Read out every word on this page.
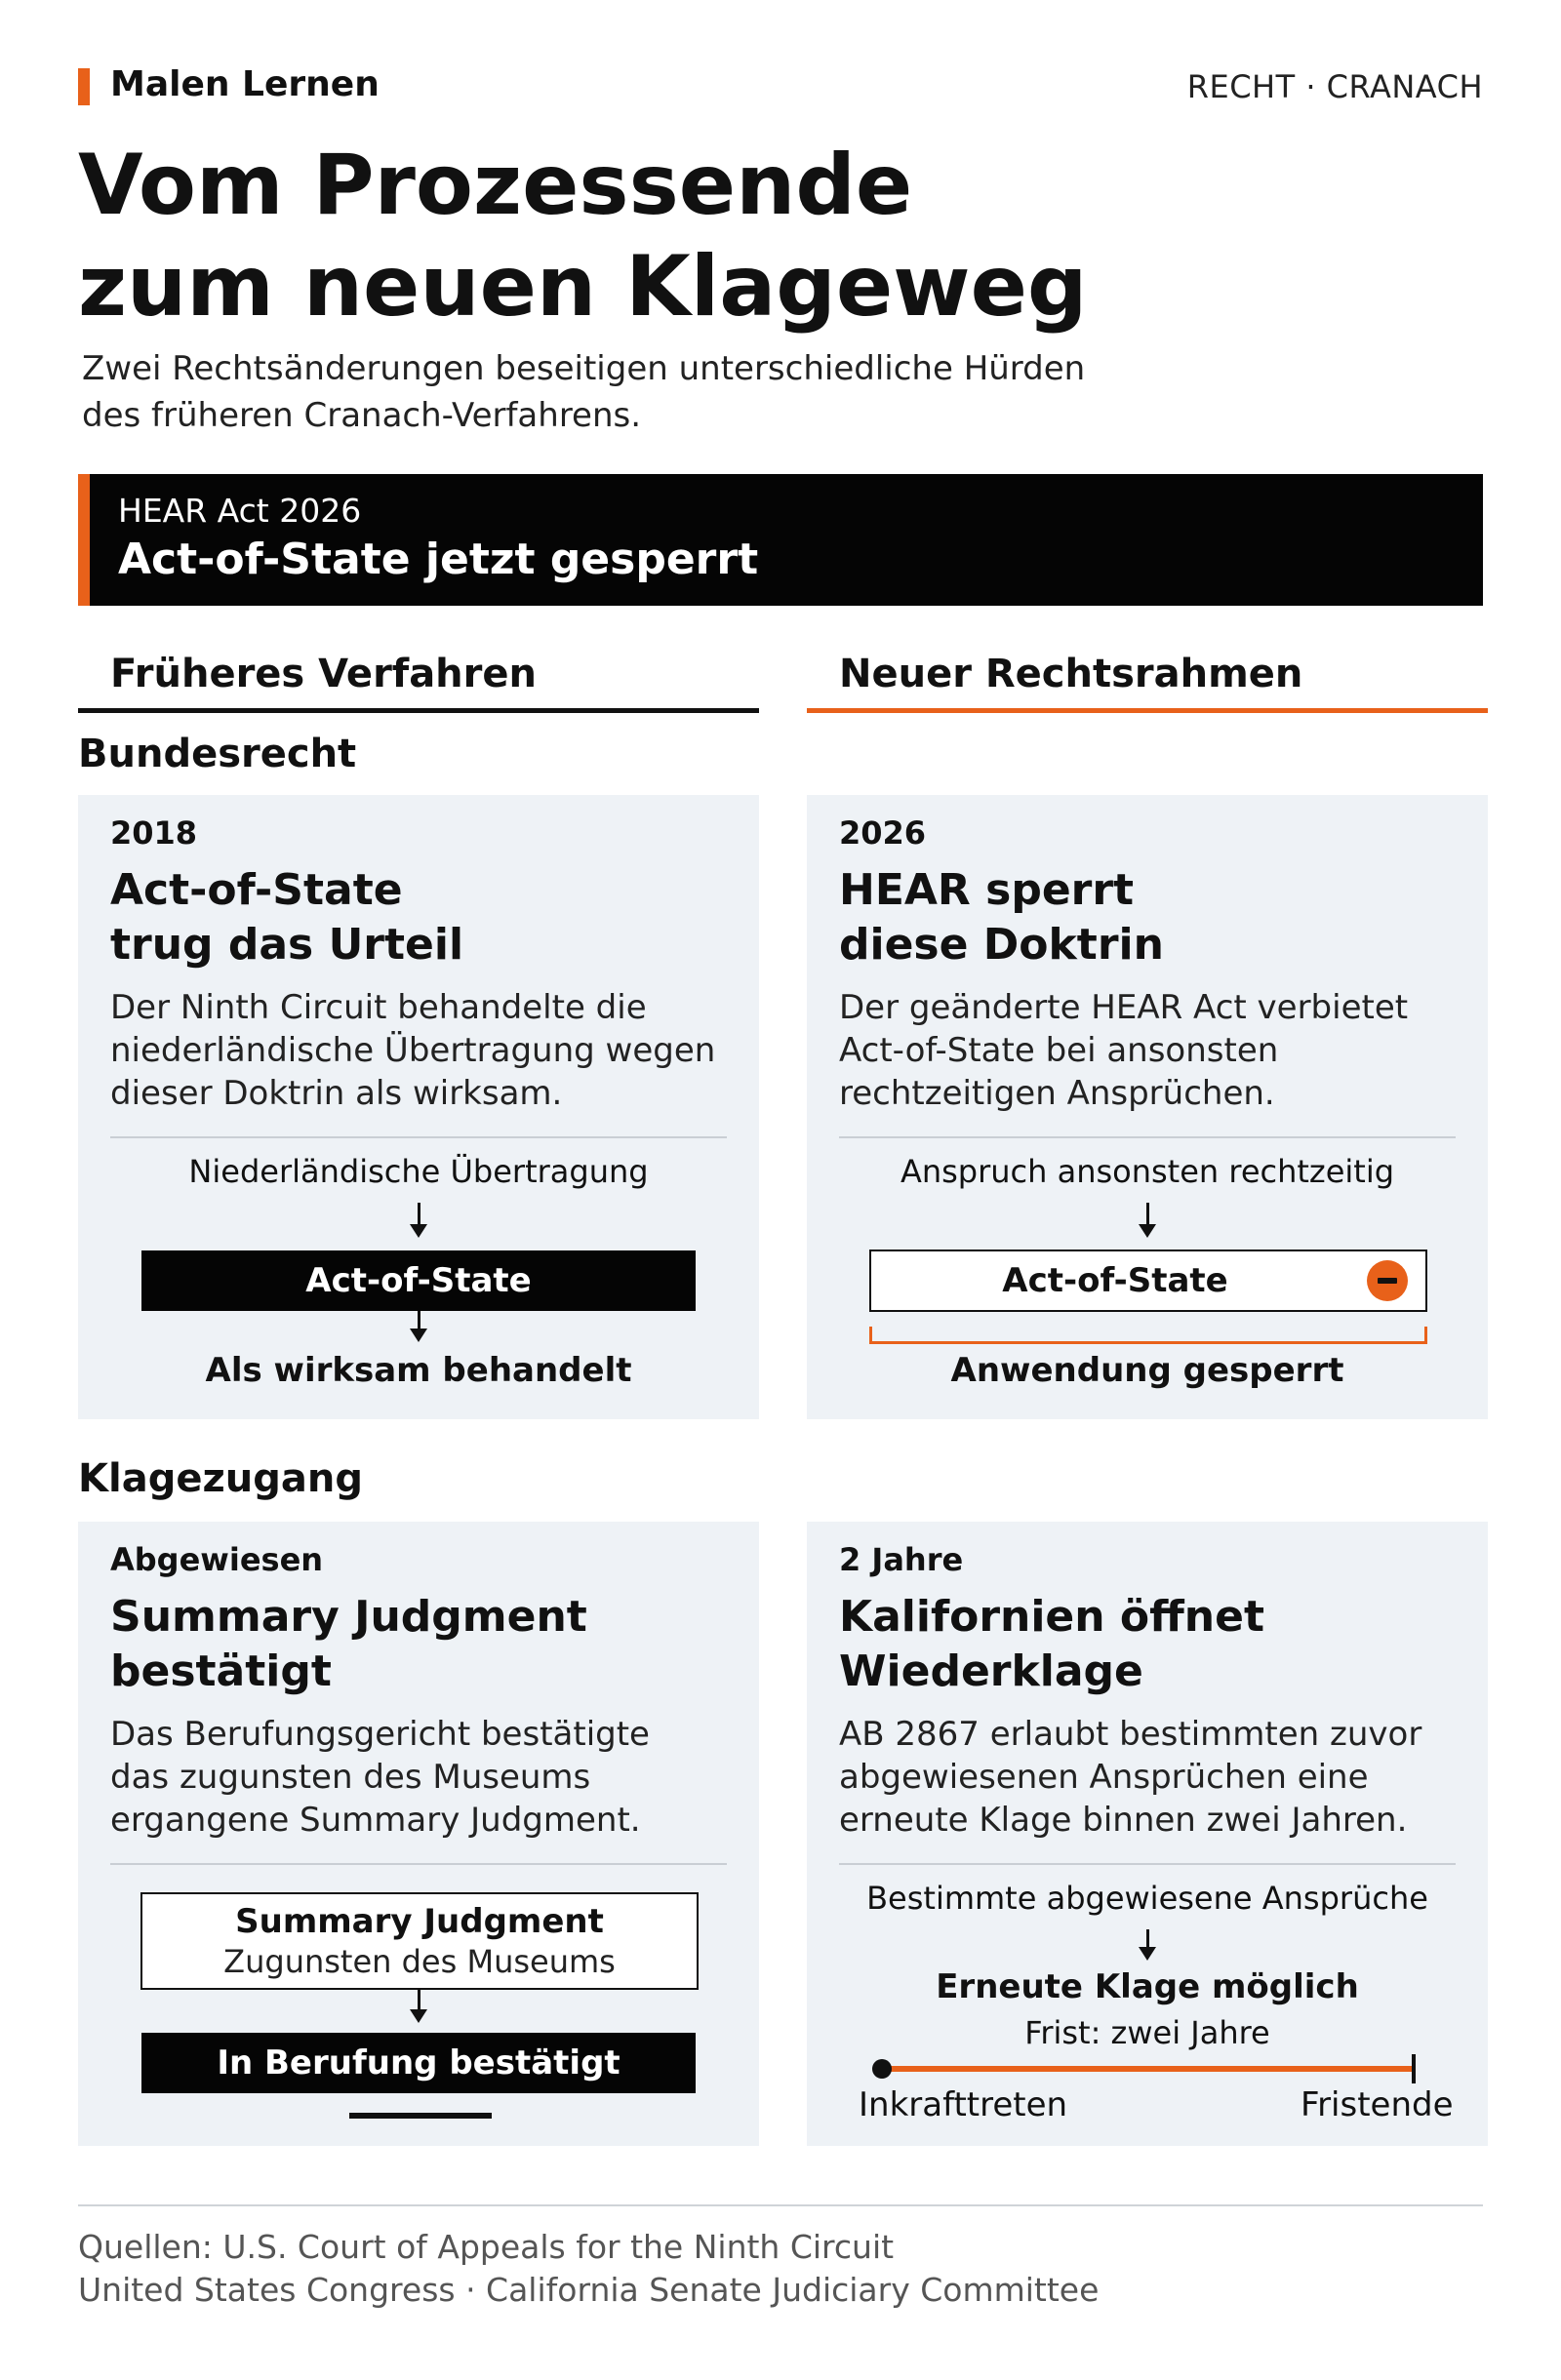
Malen Lernen	RECHT · CRANACH
Vom Prozessende
zum neuen Klageweg
Zwei Rechtsänderungen beseitigen unterschiedliche Hürden
des früheren Cranach-Verfahrens.
HEAR Act 2026
Act-of-State jetzt gesperrt
Früheres Verfahren	Neuer Rechtsrahmen
Bundesrecht
2018
Act-of-State
trug das Urteil
Der Ninth Circuit behandelte die
niederländische Übertragung wegen
dieser Doktrin als wirksam.
Niederländische Übertragung
Act-of-State
Als wirksam behandelt
2026
HEAR sperrt
diese Doktrin
Der geänderte HEAR Act verbietet
Act-of-State bei ansonsten
rechtzeitigen Ansprüchen.
Anspruch ansonsten rechtzeitig
Act-of-State
Anwendung gesperrt
Klagezugang
Abgewiesen
Summary Judgment
bestätigt
Das Berufungsgericht bestätigte
das zugunsten des Museums
ergangene Summary Judgment.
Summary Judgment
Zugunsten des Museums
In Berufung bestätigt
2 Jahre
Kalifornien öffnet
Wiederklage
AB 2867 erlaubt bestimmten zuvor
abgewiesenen Ansprüchen eine
erneute Klage binnen zwei Jahren.
Bestimmte abgewiesene Ansprüche
Erneute Klage möglich
Frist: zwei Jahre
Inkrafttreten	Fristende
Quellen: U.S. Court of Appeals for the Ninth Circuit
United States Congress · California Senate Judiciary Committee
